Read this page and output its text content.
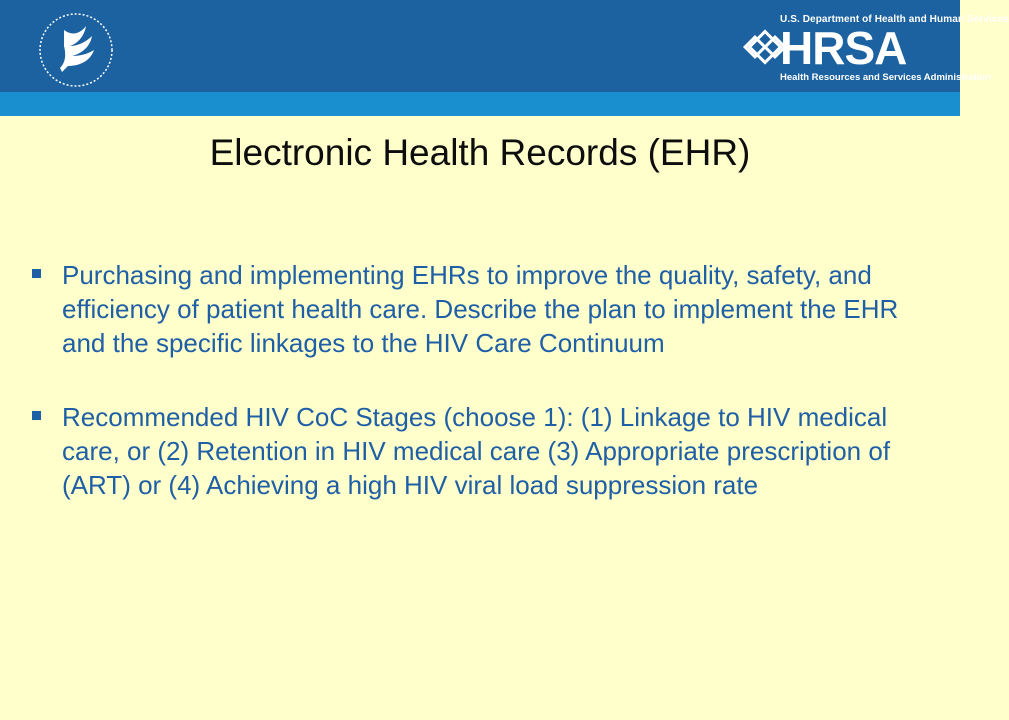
U.S. Department of Health and Human Services
HRSA
Health Resources and Services Administration
Electronic Health Records (EHR)
Purchasing and implementing EHRs to improve the quality, safety, and efficiency of patient health care. Describe the plan to implement the EHR and the specific linkages to the HIV Care Continuum
Recommended HIV CoC Stages (choose 1): (1) Linkage to HIV medical care, or (2) Retention in HIV medical care (3) Appropriate prescription of (ART) or (4) Achieving a high HIV viral load suppression rate
